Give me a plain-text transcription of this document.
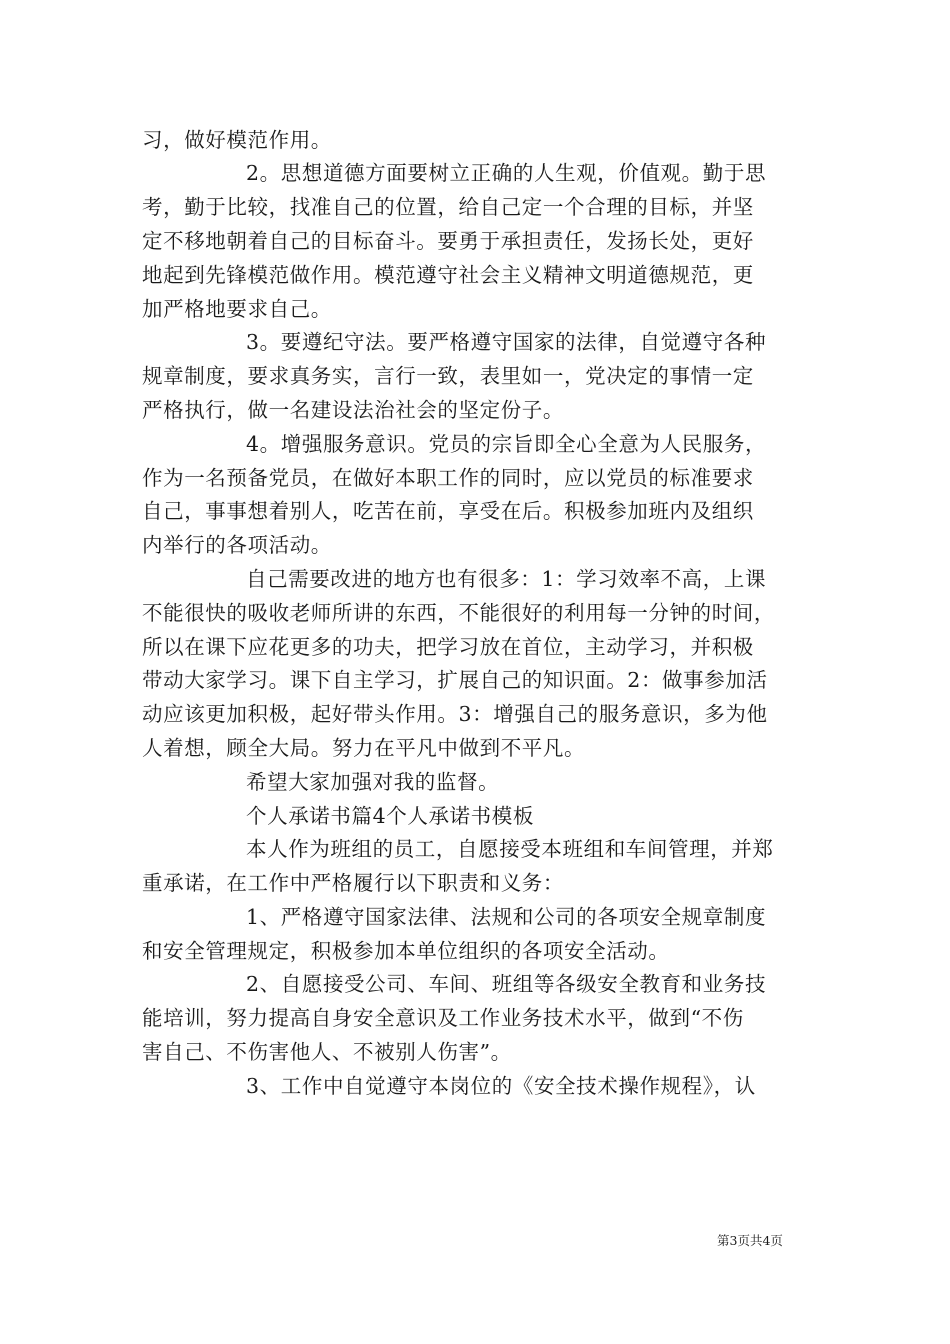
习，做好模范作用。
2。思想道德方面要树立正确的人生观，价值观。勤于思
考，勤于比较，找准自己的位置，给自己定一个合理的目标，并坚
定不移地朝着自己的目标奋斗。要勇于承担责任，发扬长处，更好
地起到先锋模范做作用。模范遵守社会主义精神文明道德规范，更
加严格地要求自己。
3。要遵纪守法。要严格遵守国家的法律，自觉遵守各种
规章制度，要求真务实，言行一致，表里如一，党决定的事情一定
严格执行，做一名建设法治社会的坚定份子。
4。增强服务意识。党员的宗旨即全心全意为人民服务，
作为一名预备党员，在做好本职工作的同时，应以党员的标准要求
自己，事事想着别人，吃苦在前，享受在后。积极参加班内及组织
内举行的各项活动。
自己需要改进的地方也有很多：1：学习效率不高，上课
不能很快的吸收老师所讲的东西，不能很好的利用每一分钟的时间，
所以在课下应花更多的功夫，把学习放在首位，主动学习，并积极
带动大家学习。课下自主学习，扩展自己的知识面。2：做事参加活
动应该更加积极，起好带头作用。3：增强自己的服务意识，多为他
人着想，顾全大局。努力在平凡中做到不平凡。
希望大家加强对我的监督。
个人承诺书篇4个人承诺书模板
本人作为班组的员工，自愿接受本班组和车间管理，并郑
重承诺，在工作中严格履行以下职责和义务：
1、严格遵守国家法律、法规和公司的各项安全规章制度
和安全管理规定，积极参加本单位组织的各项安全活动。
2、自愿接受公司、车间、班组等各级安全教育和业务技
能培训，努力提高自身安全意识及工作业务技术水平，做到“不伤
害自己、不伤害他人、不被别人伤害”。
3、工作中自觉遵守本岗位的《安全技术操作规程》，认
第3页共4页
